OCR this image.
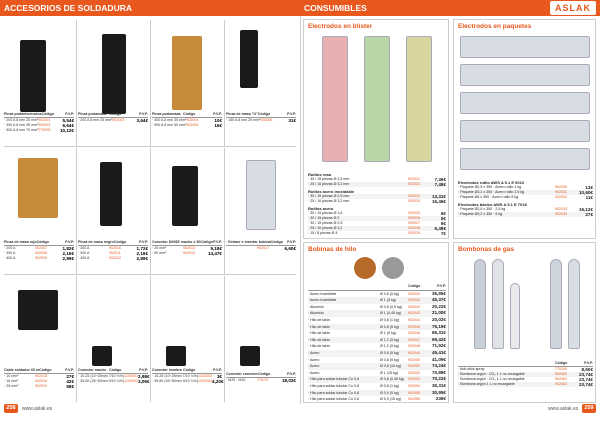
ACCESORIOS DE SOLDADURA	CONSUMIBLES	ASLAK
Pinza portaelectrodos Código	P.V.P.
· 200 A 8 mm 25 mm² 902001	5,54€
· 300 A 8 mm 35 mm² 902002	6,64€
· 500 A 8 mm 70 mm² 770005	10,12€
Pinza portamasa Código	P.V.P.
· 200 A 8 mm 25 mm² 902003	3,64€
Pinza portamasa Código	P.V.P.
· 400 A 8 mm 35 mm² 902004	10€
· 500 A 8 mm 50 mm² 902005	16€
Pinza de masa "U" Código	P.V.P.
· 150 A 8 mm 25 mm² 902006	31€
Pinza de masa rojo Código	P.V.P.
· 200 A	902007	1,82€
· 300 A	902008	2,16€
· 400 A	902009	2,89€
Pinza de masa negro Código	P.V.P.
· 200 A	902010	1,72€
· 300 A	902011	2,16€
· 400 A	902012	2,89€
Conector DINSE macho x 50 Código P.V.P.
· 25 mm²	902013	9,18€
· 50 mm²	902014	14,47€
· Extraer e insertar bobina Código	P.V.P.
902017	6,60€
Cable soldador 60 m Código	P.V.P.
· 10 mm²	902018	27€
· 16 mm²	902019	42€
· 25 mm²	902020	58€
Conector macho Código	P.V.P.
· 10-25 (10~25mm 7/10 ¼%) 1203001 2,98€
· 35-50 (35~50mm 9/10 ¼%) 1203002 3,05€
Conector hembra Código	P.V.P.
· 10-25 (10~25mm 7/10 ¼%) 1203003	3€
· 35-50 (35~50mm 9/10 ¼%) 1203004 4,20€
Conector conector Código	P.V.P.
· M25 · M10	770707	18,02€
Electrodos en blíster
Rutilos rosa
· 30 / 15 piezas Ø 2,5 mm	902021	7,36€
· 25 / 10 piezas Ø 3,2 mm	902022	7,48€
Rutilos acero inoxidable
· 30 / 15 piezas Ø 2,5 mm	902023	13,41€
· 25 / 10 piezas Ø 3,2 mm	902024	16,46€
Rutilos acero
· 30 / 15 piezas Ø 1,6	902025	6€
· 30 / 15 piezas Ø 2	902026	6€
· 30 / 15 piezas Ø 2,5	902027	6€
· 25 / 10 piezas Ø 3,2	902028	6,48€
· 15 / 8 piezas Ø 4	902029	7€
Electrodos en paquetes
Electrodos rutilo AWS A 5.1 E 6013
· Paquete Ø2,5 x 350 · Acero rutilo 1 kg	902030	13€
· Paquete Ø3,2 x 350 · Acero rutilo 2,5 kg	902031	10,60€
· Paquete Ø4 x 350 · Acero rutilo 5 kg	902032	11€
Electrodos básico AWS A 5.1 E 7018
· Paquete Ø2,5 x 350 · 2,5 kg	902033	15,12€
· Paquete Ø3,2 x 350 · 5 kg	902034	27€
Bobinas de hilo
Código	P.V.P.
· Acero hoskilable	Ø 0,8 (5 kg)	902040	36,95€
· Acero hoskilable	Ø 1 (5 kg)	902041	45,37€
· Aluminio	Ø 0,8 (0,5 kg)	902042	20,22€
· Aluminio	Ø 1 (0,45 kg)	902043	21,00€
· Hilo de latón	Ø 0,8 (1 kg)	902044	20,02€
· Hilo de latón	Ø 0,8 (5 kg)	902045	75,19€
· Hilo de latón	Ø 1 (5 kg)	902046	66,31€
· Hilo de latón	Ø 1,2 (5 kg)	902047	69,42€
· Hilo de latón	Ø 1,2 (5 kg)	902048	71,92€
· Acero	Ø 0,6 (5 kg)	902049	45,41€
· Acero	Ø 0,8 (5 kg)	902050	41,09€
· Acero	Ø 0,8 (15 kg)	902051	74,24€
· Acero	Ø 1 (15 kg)	902052	70,88€
· Hilo para soldar tubular Cu 0,8	Ø 0,8 (0,45 kg)	902053	70,22€
· Hilo para soldar tubular Cu 0,8	Ø 0,8 (1 kg)	902054	35,31€
· Hilo para soldar tubular Cu 0,8	Ø 0,9 (5 kg)	902055	30,95€
· Hilo para soldar tubular Cu 0,8	Ø 0,9 (15 kg)	902056	236€
Bombonas de gas
Código	P.V.P.
· Anti-stick spray	770200	8,60€
· Bombona argón · CO₂ 1 L no recargable	902060	23,74€
· Bombona argón · CO₂ 1 L no recargable	902061	23,74€
· Bombona argón 1 L no recargable	902062	23,74€
258	www.aslak.es	www.aslak.es	259
